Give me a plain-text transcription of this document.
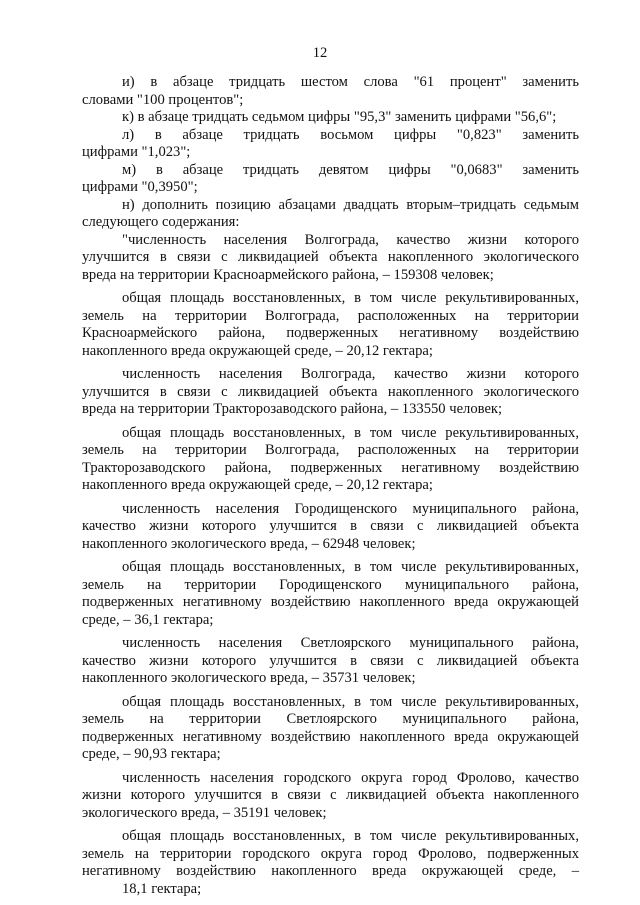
12
и) в абзаце тридцать шестом слова "61 процент" заменить
словами "100 процентов";
к) в абзаце тридцать седьмом цифры "95,3" заменить цифрами "56,6";
л) в абзаце тридцать восьмом цифры "0,823" заменить
цифрами "1,023";
м) в абзаце тридцать девятом цифры "0,0683" заменить
цифрами "0,3950";
н) дополнить позицию абзацами двадцать вторым–тридцать седьмым
следующего содержания:
"численность населения Волгограда, качество жизни которого
улучшится в связи с ликвидацией объекта накопленного экологического
вреда на территории Красноармейского района, – 159308 человек;
общая площадь восстановленных, в том числе рекультивированных,
земель на территории Волгограда, расположенных на территории
Красноармейского района, подверженных негативному воздействию
накопленного вреда окружающей среде, – 20,12 гектара;
численность населения Волгограда, качество жизни которого
улучшится в связи с ликвидацией объекта накопленного экологического
вреда на территории Тракторозаводского района, – 133550 человек;
общая площадь восстановленных, в том числе рекультивированных,
земель на территории Волгограда, расположенных на территории
Тракторозаводского района, подверженных негативному воздействию
накопленного вреда окружающей среде, – 20,12 гектара;
численность населения Городищенского муниципального района,
качество жизни которого улучшится в связи с ликвидацией объекта
накопленного экологического вреда, – 62948 человек;
общая площадь восстановленных, в том числе рекультивированных,
земель на территории Городищенского муниципального района,
подверженных негативному воздействию накопленного вреда окружающей
среде, – 36,1 гектара;
численность населения Светлоярского муниципального района,
качество жизни которого улучшится в связи с ликвидацией объекта
накопленного экологического вреда, – 35731 человек;
общая площадь восстановленных, в том числе рекультивированных,
земель на территории Светлоярского муниципального района,
подверженных негативному воздействию накопленного вреда окружающей
среде, – 90,93 гектара;
численность населения городского округа город Фролово, качество
жизни которого улучшится в связи с ликвидацией объекта накопленного
экологического вреда, – 35191 человек;
общая площадь восстановленных, в том числе рекультивированных,
земель на территории городского округа город Фролово, подверженных
негативному воздействию накопленного вреда окружающей среде, –
18,1 гектара;
